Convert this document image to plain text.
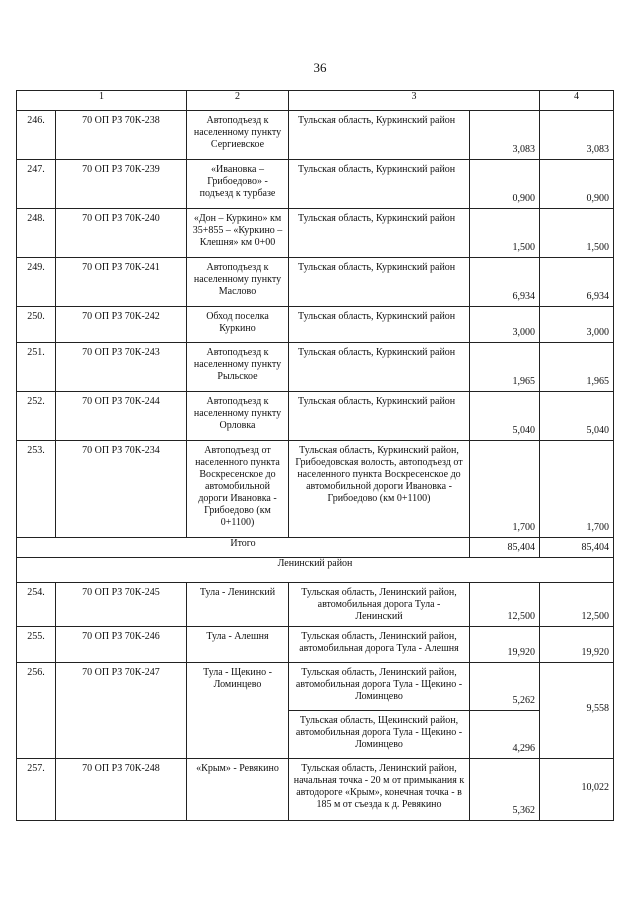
36
1		2	3		4
246.	70 ОП РЗ 70К-238	Автоподъезд к населенному пункту Сергиевское	Тульская область, Куркинский район	3,083	3,083
247.	70 ОП РЗ 70К-239	«Ивановка – Грибоедово» - подъезд к турбазе	Тульская область, Куркинский район	0,900	0,900
248.	70 ОП РЗ 70К-240	«Дон – Куркино» км 35+855 – «Куркино – Клешня» км 0+00	Тульская область, Куркинский район	1,500	1,500
249.	70 ОП РЗ 70К-241	Автоподъезд к населенному пункту Маслово	Тульская область, Куркинский район	6,934	6,934
250.	70 ОП РЗ 70К-242	Обход поселка Куркино	Тульская область, Куркинский район	3,000	3,000
251.	70 ОП РЗ 70К-243	Автоподъезд к населенному пункту Рыльское	Тульская область, Куркинский район	1,965	1,965
252.	70 ОП РЗ 70К-244	Автоподъезд к населенному пункту Орловка	Тульская область, Куркинский район	5,040	5,040
253.	70 ОП РЗ 70К-234	Автоподъезд от населенного пункта Воскресенское до автомобильной дороги Ивановка - Грибоедово (км 0+1100)	Тульская область, Куркинский район, Грибоедовская волость, автоподъезд от населенного пункта Воскресенское до автомобильной дороги Ивановка - Грибоедово (км 0+1100)	1,700	1,700
Итого				85,404	85,404
Ленинский район					
254.	70 ОП РЗ 70К-245	Тула - Ленинский	Тульская область, Ленинский район, автомобильная дорога Тула - Ленинский	12,500	12,500
255.	70 ОП РЗ 70К-246	Тула - Алешня	Тульская область, Ленинский район, автомобильная дорога Тула - Алешня	19,920	19,920
256.	70 ОП РЗ 70К-247	Тула - Щекино - Ломинцево	Тульская область, Ленинский район, автомобильная дорога Тула - Щекино - Ломинцево	5,262	9,558
			Тульская область, Щекинский район, автомобильная дорога Тула - Щекино - Ломинцево	4,296	
257.	70 ОП РЗ 70К-248	«Крым» - Ревякино	Тульская область, Ленинский район, начальная точка - 20 м от примыкания к автодороге «Крым», конечная точка - в 185 м от съезда к д. Ревякино	5,362	10,022
